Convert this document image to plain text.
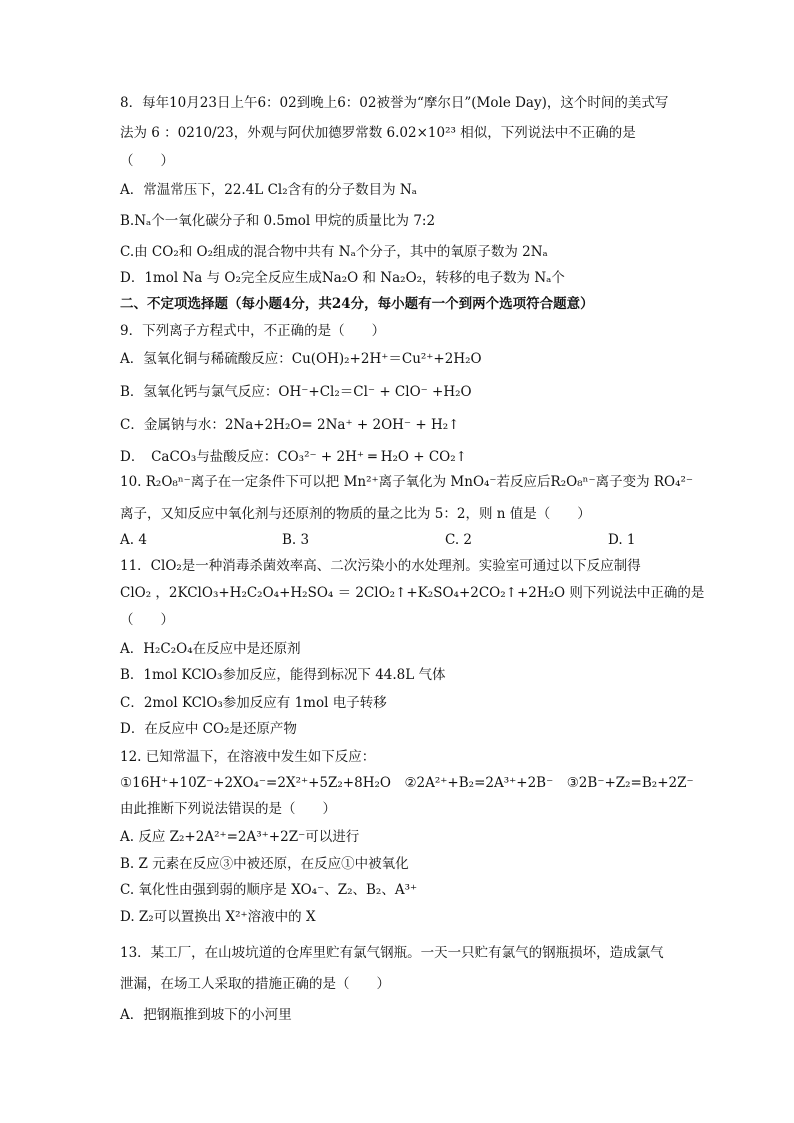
8．每年10月23日上午6：02到晚上6：02被誉为“摩尔日”(Mole Day)，这个时间的美式写
法为 6 ：0210/23，外观与阿伏加德罗常数 6.02×10²³ 相似，下列说法中不正确的是
（　　）
A．常温常压下，22.4L Cl₂含有的分子数目为 Nₐ
B.Nₐ个一氧化碳分子和 0.5mol 甲烷的质量比为 7:2
C.由 CO₂和 O₂组成的混合物中共有 Nₐ个分子，其中的氧原子数为 2Nₐ
D．1mol Na 与 O₂完全反应生成Na₂O 和 Na₂O₂，转移的电子数为 Nₐ个
二、不定项选择题（每小题4分，共24分，每小题有一个到两个选项符合题意）
9．下列离子方程式中，不正确的是（　　）
A．氢氧化铜与稀硫酸反应：Cu(OH)₂+2H⁺＝Cu²⁺+2H₂O
B．氢氧化钙与氯气反应：OH⁻+Cl₂＝Cl⁻ + ClO⁻ +H₂O
C．金属钠与水：2Na+2H₂O= 2Na⁺ + 2OH⁻ + H₂↑
D．　CaCO₃与盐酸反应：CO₃²⁻ + 2H⁺ ═ H₂O + CO₂↑
10. R₂O₈ⁿ⁻离子在一定条件下可以把 Mn²⁺离子氧化为 MnO₄⁻若反应后R₂O₈ⁿ⁻离子变为 RO₄²⁻
离子，又知反应中氧化剂与还原剂的物质的量之比为 5：2，则 n 值是（　　）
A. 4	B. 3	C. 2	D. 1
11．ClO₂是一种消毒杀菌效率高、二次污染小的水处理剂。实验室可通过以下反应制得
ClO₂ ，2KClO₃+H₂C₂O₄+H₂SO₄ ＝ 2ClO₂↑+K₂SO₄+2CO₂↑+2H₂O 则下列说法中正确的是
（　　）
A．H₂C₂O₄在反应中是还原剂
B．1mol KClO₃参加反应，能得到标况下 44.8L 气体
C．2mol KClO₃参加反应有 1mol 电子转移
D．在反应中 CO₂是还原产物
12. 已知常温下，在溶液中发生如下反应：
①16H⁺+10Z⁻+2XO₄⁻=2X²⁺+5Z₂+8H₂O　②2A²⁺+B₂=2A³⁺+2B⁻　③2B⁻+Z₂=B₂+2Z⁻
由此推断下列说法错误的是（　　）
A. 反应 Z₂+2A²⁺=2A³⁺+2Z⁻可以进行
B. Z 元素在反应③中被还原，在反应①中被氧化
C. 氧化性由强到弱的顺序是 XO₄⁻、Z₂、B₂、A³⁺
D. Z₂可以置换出 X²⁺溶液中的 X
13．某工厂，在山坡坑道的仓库里贮有氯气钢瓶。一天一只贮有氯气的钢瓶损坏，造成氯气
泄漏，在场工人采取的措施正确的是（　　）
A．把钢瓶推到坡下的小河里
